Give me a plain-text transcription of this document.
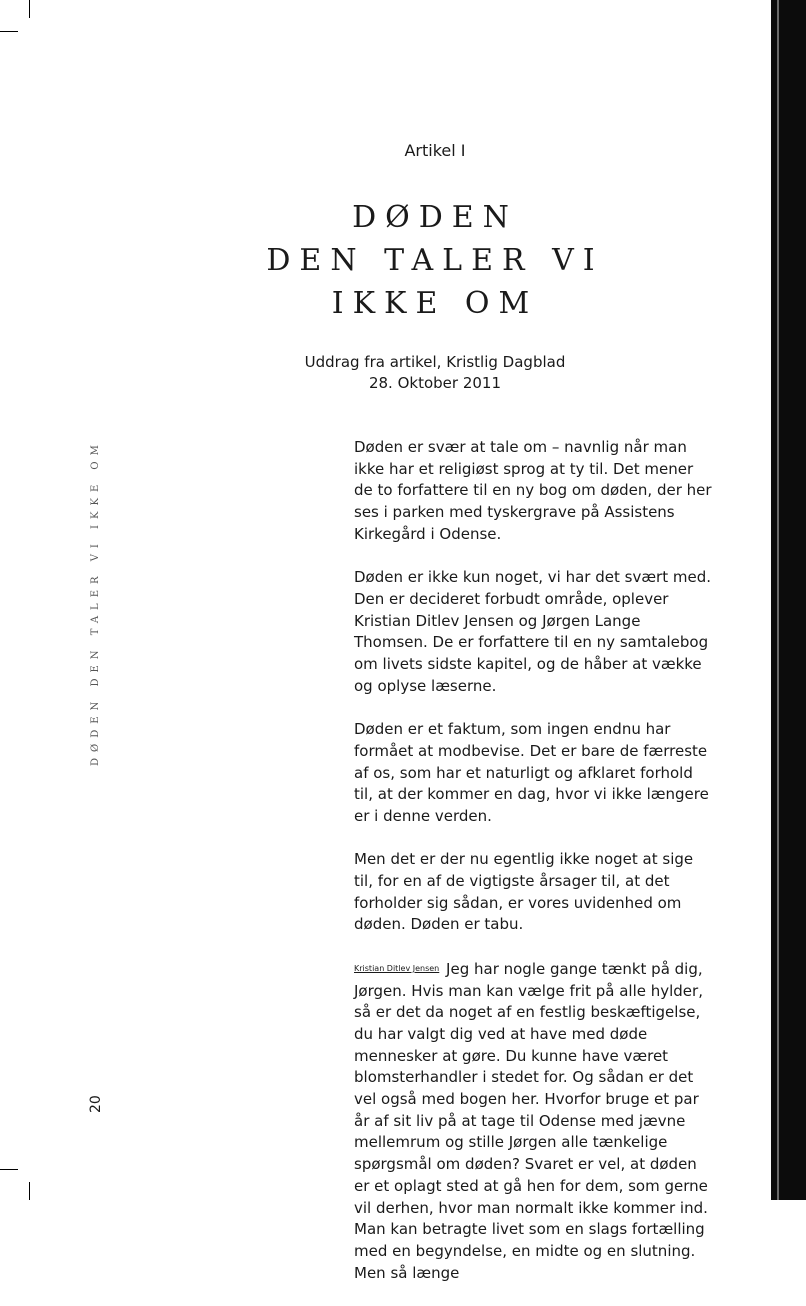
Artikel I
DØDEN
DEN TALER VI
IKKE OM
Uddrag fra artikel, Kristlig Dagblad
28. Oktober 2011

Døden er svær at tale om – navnlig når man ikke har et religiøst sprog at ty til. Det mener de to forfattere til en ny bog om døden, der her ses i parken med tyskergrave på Assistens Kirkegård i Odense.

Døden er ikke kun noget, vi har det svært med. Den er decideret forbudt område, oplever Kristian Ditlev Jensen og Jørgen Lange Thomsen. De er forfattere til en ny samtalebog om livets sidste kapitel, og de håber at vække og oplyse læserne.

Døden er et faktum, som ingen endnu har formået at modbevise. Det er bare de færreste af os, som har et naturligt og afklaret forhold til, at der kommer en dag, hvor vi ikke længere er i denne verden.

Men det er der nu egentlig ikke noget at sige til, for en af de vigtigste årsager til, at det forholder sig sådan, er vores uvidenhed om døden. Døden er tabu.

$^{Kristian Ditlev Jensen}$ Jeg har nogle gange tænkt på dig, Jørgen. Hvis man kan vælge frit på alle hylder, så er det da noget af en festlig beskæftigelse, du har valgt dig ved at have med døde mennesker at gøre. Du kunne have været blomsterhandler i stedet for. Og sådan er det vel også med bogen her. Hvorfor bruge et par år af sit liv på at tage til Odense med jævne mellemrum og stille Jørgen alle tænkelige spørgsmål om døden? Svaret er vel, at døden er et oplagt sted at gå hen for dem, som gerne vil derhen, hvor man normalt ikke kommer ind. Man kan betragte livet som en slags fortælling med en begyndelse, en midte og en slutning. Men så længe

DØDEN DEN TALER VI IKKE OM
20
